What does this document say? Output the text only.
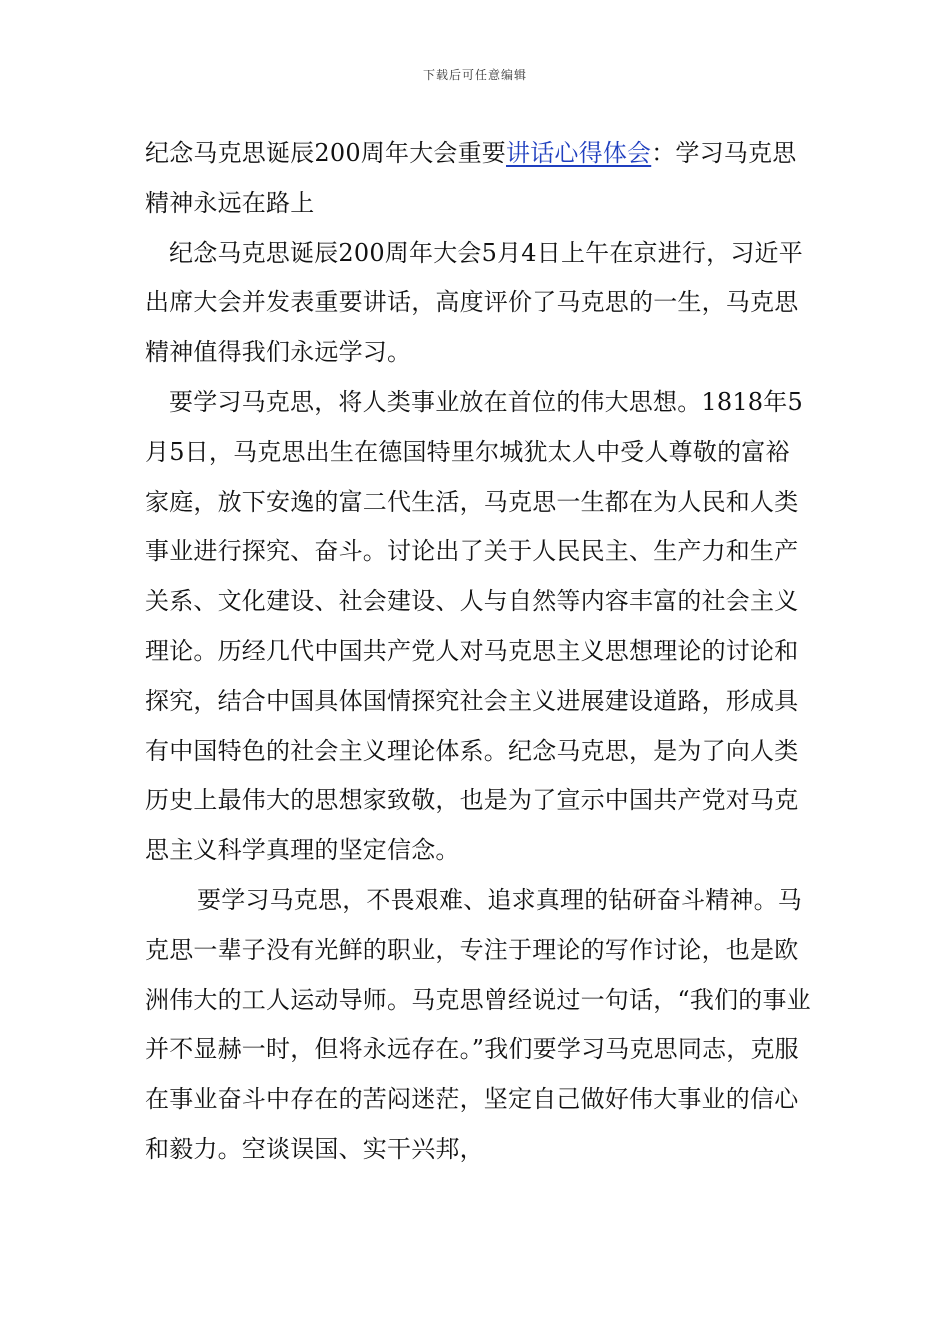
下载后可任意编辑

纪念马克思诞辰200周年大会重要讲话心得体会：学习马克思精神永远在路上

纪念马克思诞辰200周年大会5月4日上午在京进行，习近平出席大会并发表重要讲话，高度评价了马克思的一生，马克思精神值得我们永远学习。

要学习马克思，将人类事业放在首位的伟大思想。1818年5月5日，马克思出生在德国特里尔城犹太人中受人尊敬的富裕家庭，放下安逸的富二代生活，马克思一生都在为人民和人类事业进行探究、奋斗。讨论出了关于人民民主、生产力和生产关系、文化建设、社会建设、人与自然等内容丰富的社会主义理论。历经几代中国共产党人对马克思主义思想理论的讨论和探究，结合中国具体国情探究社会主义进展建设道路，形成具有中国特色的社会主义理论体系。纪念马克思，是为了向人类历史上最伟大的思想家致敬，也是为了宣示中国共产党对马克思主义科学真理的坚定信念。

要学习马克思，不畏艰难、追求真理的钻研奋斗精神。马克思一辈子没有光鲜的职业，专注于理论的写作讨论，也是欧洲伟大的工人运动导师。马克思曾经说过一句话，“我们的事业并不显赫一时，但将永远存在。”我们要学习马克思同志，克服在事业奋斗中存在的苦闷迷茫，坚定自己做好伟大事业的信心和毅力。空谈误国、实干兴邦，
